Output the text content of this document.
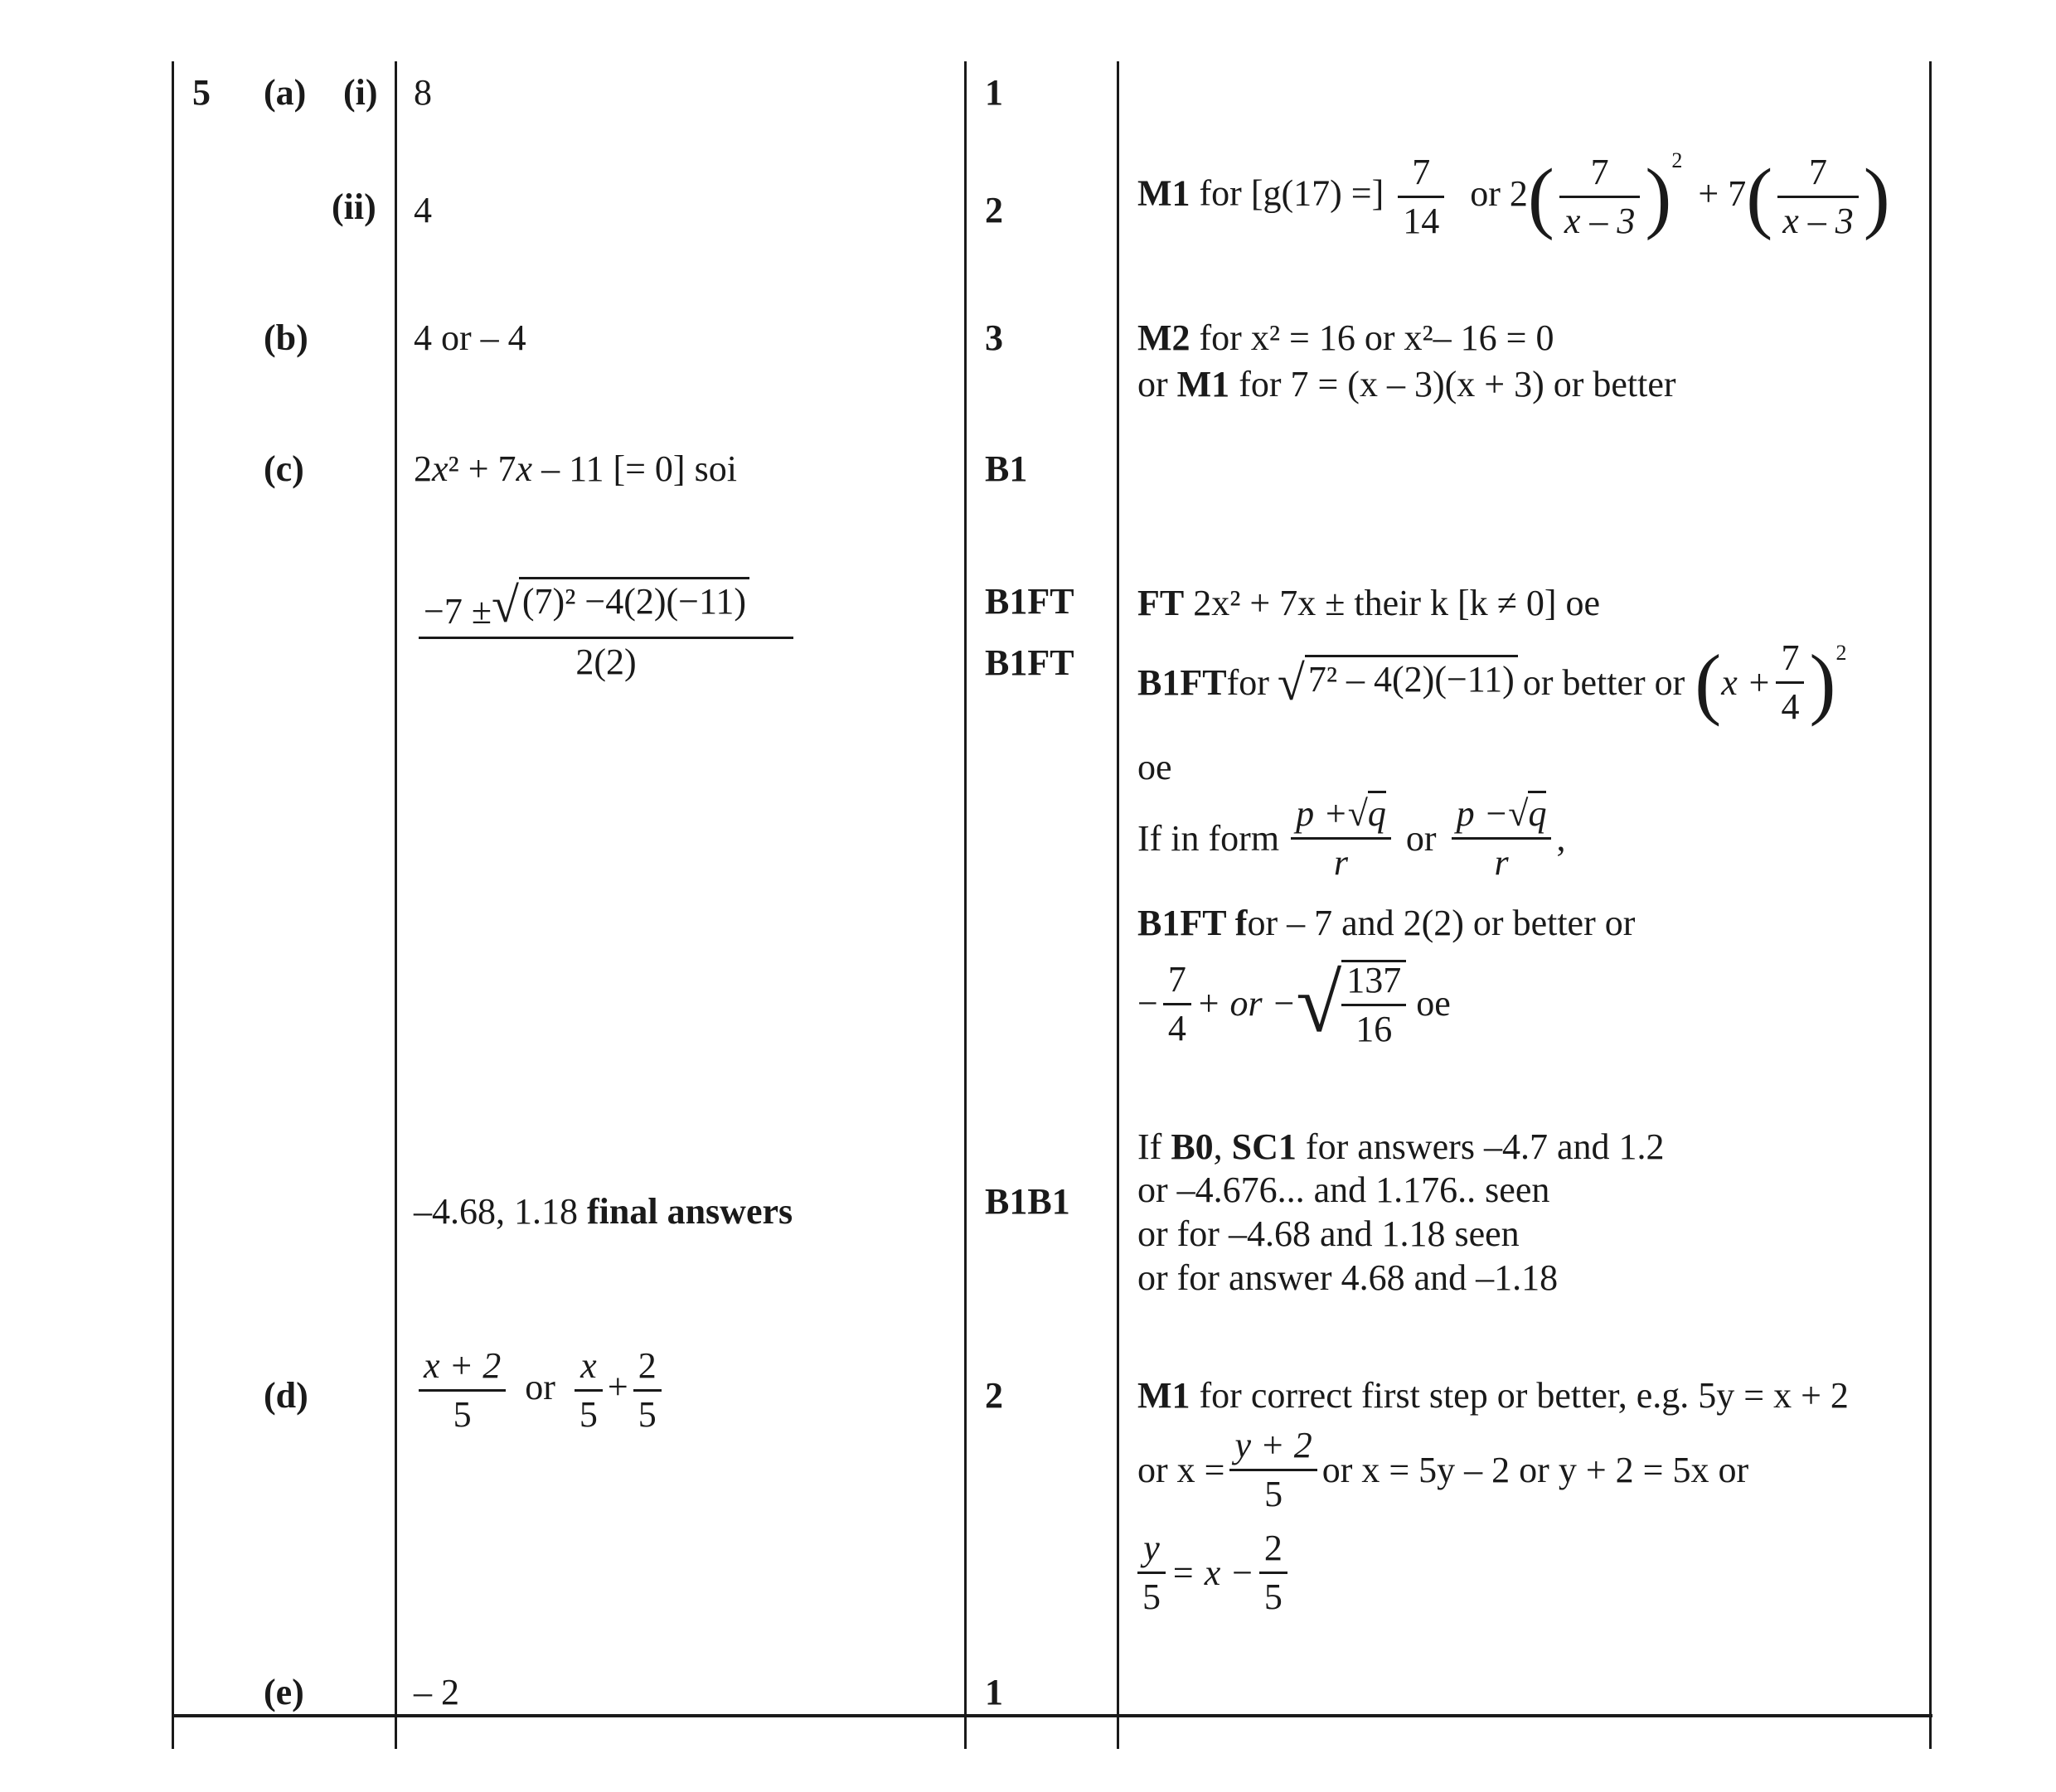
5 (a) (i)
(ii)
(b)
(c)
(d)
(e)
8
4
4 or – 4
2x² + 7x – 11 [= 0] soi
−7 ± √(7)² −4(2)(−11)
2(2)
–4.68, 1.18 final answers
$\frac{x + 2}{5}$ or $\frac{x}{5} + \frac{2}{5}$
– 2
1
2
3
B1
B1FT
B1FT
B1B1
2
1
M1 for [g(17) =] $\frac{7}{14}$ or $2( \frac{7}{x - 3} )^2 + 7( \frac{7}{x - 3}$ )
M2 for x² = 16 or x²– 16 = 0
or M1 for 7 = (x – 3)(x + 3) or better
FT 2x² + 7x ± their k [k ≠ 0] oe
B1FT for √7² – 4(2)(−11) or better or ( $x + \frac{7}{4}$ ) 2
oe
If in form $\frac{p +√q}{r}$ or $\frac{p -√q}{r}$ ,
B1FT for – 7 and 2(2) or better or
− $\frac{7}{4}$ + or − √ $\frac{137}{16}$ oe
If B0, SC1 for answers –4.7 and 1.2
or –4.676... and 1.176.. seen
or for –4.68 and 1.18 seen
or for answer 4.68 and –1.18
M1 for correct first step or better, e.g. 5y = x + 2
or $x = \frac{y + 2}{5}$ or x = 5y – 2 or y + 2 = 5x or
$\frac{y}{5} = x - \frac{2}{5}$
